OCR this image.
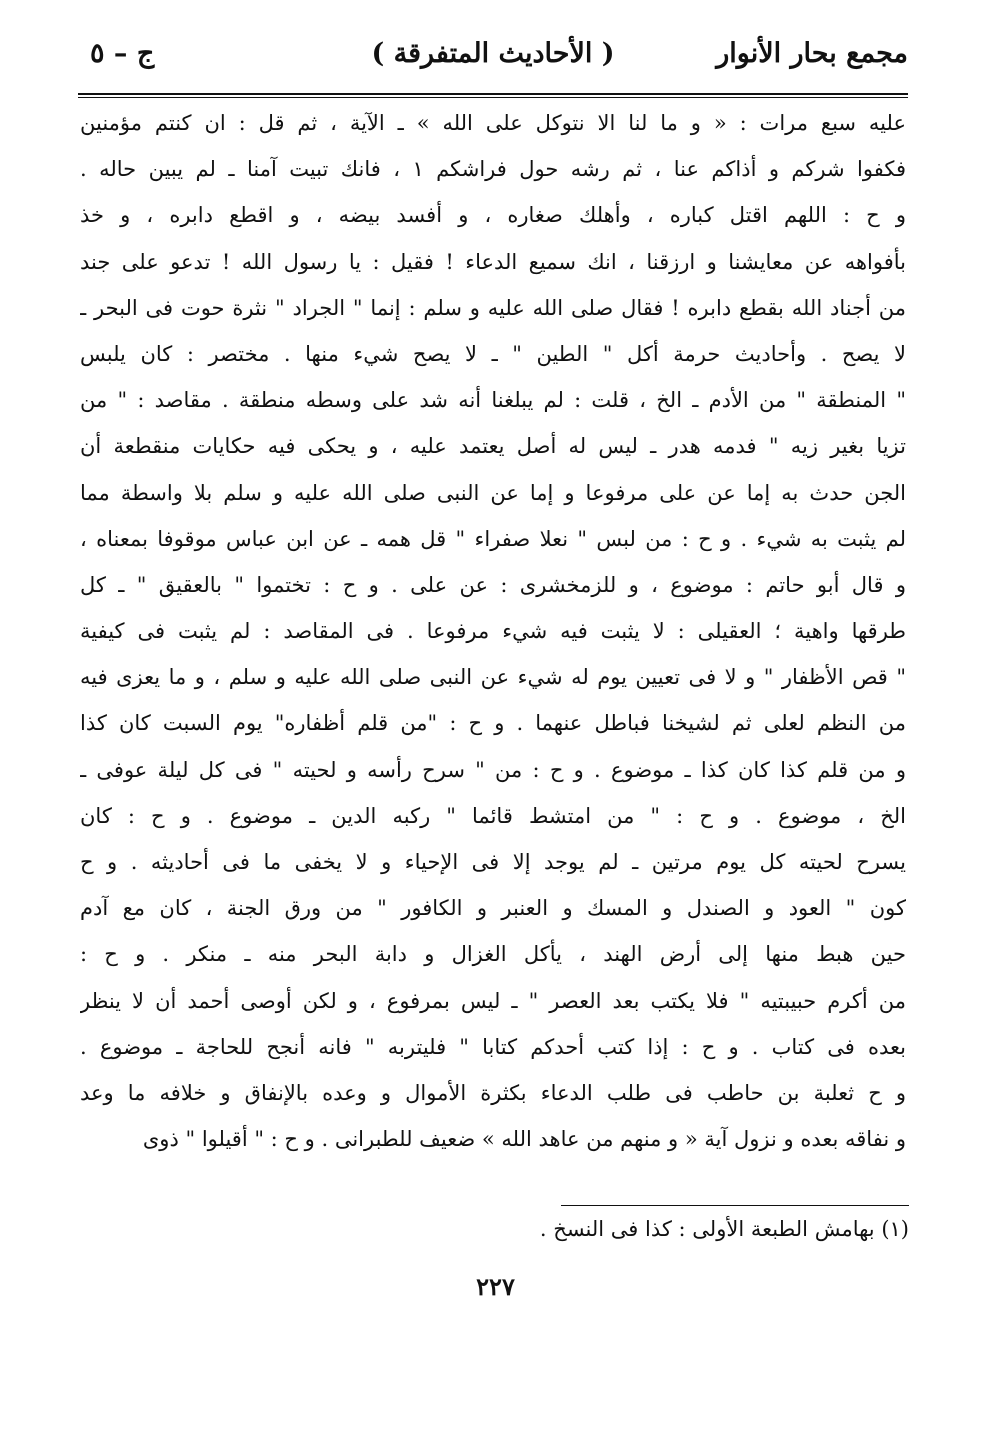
مجمع بحار الأنوار
( الأحاديث المتفرقة )
ج – ٥
عليه سبع مرات : « و ما لنا الا نتوكل على الله » ـ الآية ، ثم قل : ان كنتم مؤمنين
فكفوا شركم و أذاكم عنا ، ثم رشه حول فراشكم ١ ، فانك تبيت آمنا ـ لم يبين حاله .
و ح : اللهم اقتل كباره ، وأهلك صغاره ، و أفسد بيضه ، و اقطع دابره ، و خذ
بأفواهه عن معايشنا و ارزقنا ، انك سميع الدعاء ! فقيل : يا رسول الله ! تدعو على جند
من أجناد الله بقطع دابره ! فقال صلى الله عليه و سلم : إنما " الجراد " نثرة حوت فى البحر ـ
لا يصح . وأحاديث حرمة أكل " الطين " ـ لا يصح شيء منها . مختصر : كان يلبس
" المنطقة " من الأدم ـ الخ ، قلت : لم يبلغنا أنه شد على وسطه منطقة . مقاصد : " من
تزيا بغير زيه " فدمه هدر ـ ليس له أصل يعتمد عليه ، و يحكى فيه حكايات منقطعة أن
الجن حدث به إما عن على مرفوعا و إما عن النبى صلى الله عليه و سلم بلا واسطة مما
لم يثبت به شيء . و ح : من لبس " نعلا صفراء " قل همه ـ عن ابن عباس موقوفا بمعناه ،
و قال أبو حاتم : موضوع ، و للزمخشرى : عن على . و ح : تختموا " بالعقيق " ـ كل
طرقها واهية ؛ العقيلى : لا يثبت فيه شيء مرفوعا . فى المقاصد : لم يثبت فى كيفية
" قص الأظفار " و لا فى تعيين يوم له شيء عن النبى صلى الله عليه و سلم ، و ما يعزى فيه
من النظم لعلى ثم لشيخنا فباطل عنهما . و ح : "من قلم أظفاره" يوم السبت كان كذا
و من قلم كذا كان كذا ـ موضوع . و ح : من " سرح رأسه و لحيته " فى كل ليلة عوفى ـ
الخ ، موضوع . و ح : " من امتشط قائما " ركبه الدين ـ موضوع . و ح : كان
يسرح لحيته كل يوم مرتين ـ لم يوجد إلا فى الإحياء و لا يخفى ما فى أحاديثه . و ح
كون " العود و الصندل و المسك و العنبر و الكافور " من ورق الجنة ، كان مع آدم
حين هبط منها إلى أرض الهند ، يأكل الغزال و دابة البحر منه ـ منكر . و ح :
من أكرم حبيبتيه " فلا يكتب بعد العصر " ـ ليس بمرفوع ، و لكن أوصى أحمد أن لا ينظر
بعده فى كتاب . و ح : إذا كتب أحدكم كتابا " فليتربه " فانه أنجح للحاجة ـ موضوع .
و ح ثعلبة بن حاطب فى طلب الدعاء بكثرة الأموال و وعده بالإنفاق و خلافه ما وعد
و نفاقه بعده و نزول آية « و منهم من عاهد الله » ضعيف للطبرانى . و ح : " أقيلوا " ذوى
(١) بهامش الطبعة الأولى : كذا فى النسخ .
٢٢٧
